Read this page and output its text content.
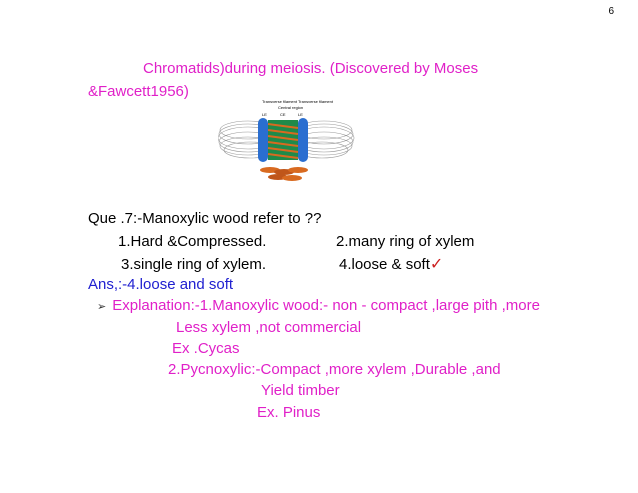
6
Chromatids)during meiosis. (Discovered by Moses
&Fawcett1956)
Transverse filament Transverse filament
Central region
LE	CE	LE
Que .7:-Manoxylic wood refer to ??
1.Hard &Compressed.	2.many ring of xylem
3.single ring of xylem.	4.loose & soft✓
Ans,:-4.loose and soft
➢ Explanation:-1.Manoxylic wood:- non - compact ,large pith ,more
Less xylem ,not commercial
Ex .Cycas
2.Pycnoxylic:-Compact ,more xylem ,Durable ,and
Yield timber
Ex. Pinus
